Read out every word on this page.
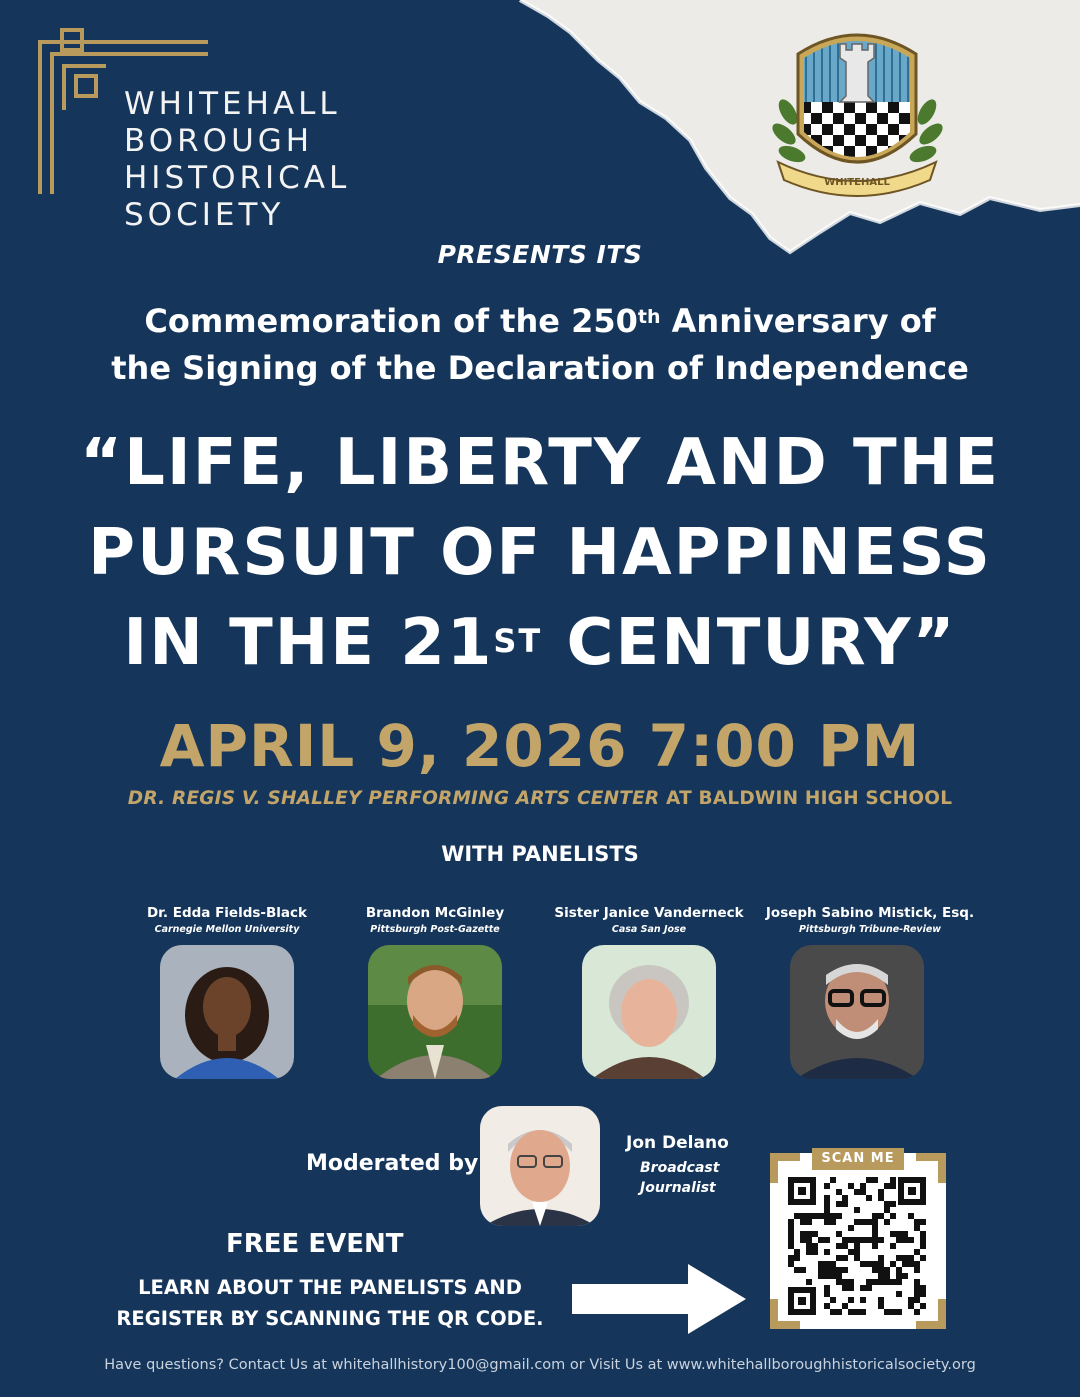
WHITEHALL
BOROUGH
HISTORICAL
SOCIETY
WHITEHALL
PRESENTS ITS
Commemoration of the 250th Anniversary of
the Signing of the Declaration of Independence
“LIFE, LIBERTY AND THE
PURSUIT OF HAPPINESS
IN THE 21ST CENTURY”
APRIL 9, 2026 7:00 PM
DR. REGIS V. SHALLEY PERFORMING ARTS CENTER AT BALDWIN HIGH SCHOOL
WITH PANELISTS
Dr. Edda Fields-Black
Carnegie Mellon University
Brandon McGinley
Pittsburgh Post-Gazette
Sister Janice Vanderneck
Casa San Jose
Joseph Sabino Mistick, Esq.
Pittsburgh Tribune-Review
Moderated by
Jon Delano
Broadcast
Journalist
FREE EVENT
LEARN ABOUT THE PANELISTS AND
REGISTER BY SCANNING THE QR CODE.
SCAN ME
Have questions? Contact Us at whitehallhistory100@gmail.com or Visit Us at www.whitehallboroughhistoricalsociety.org
